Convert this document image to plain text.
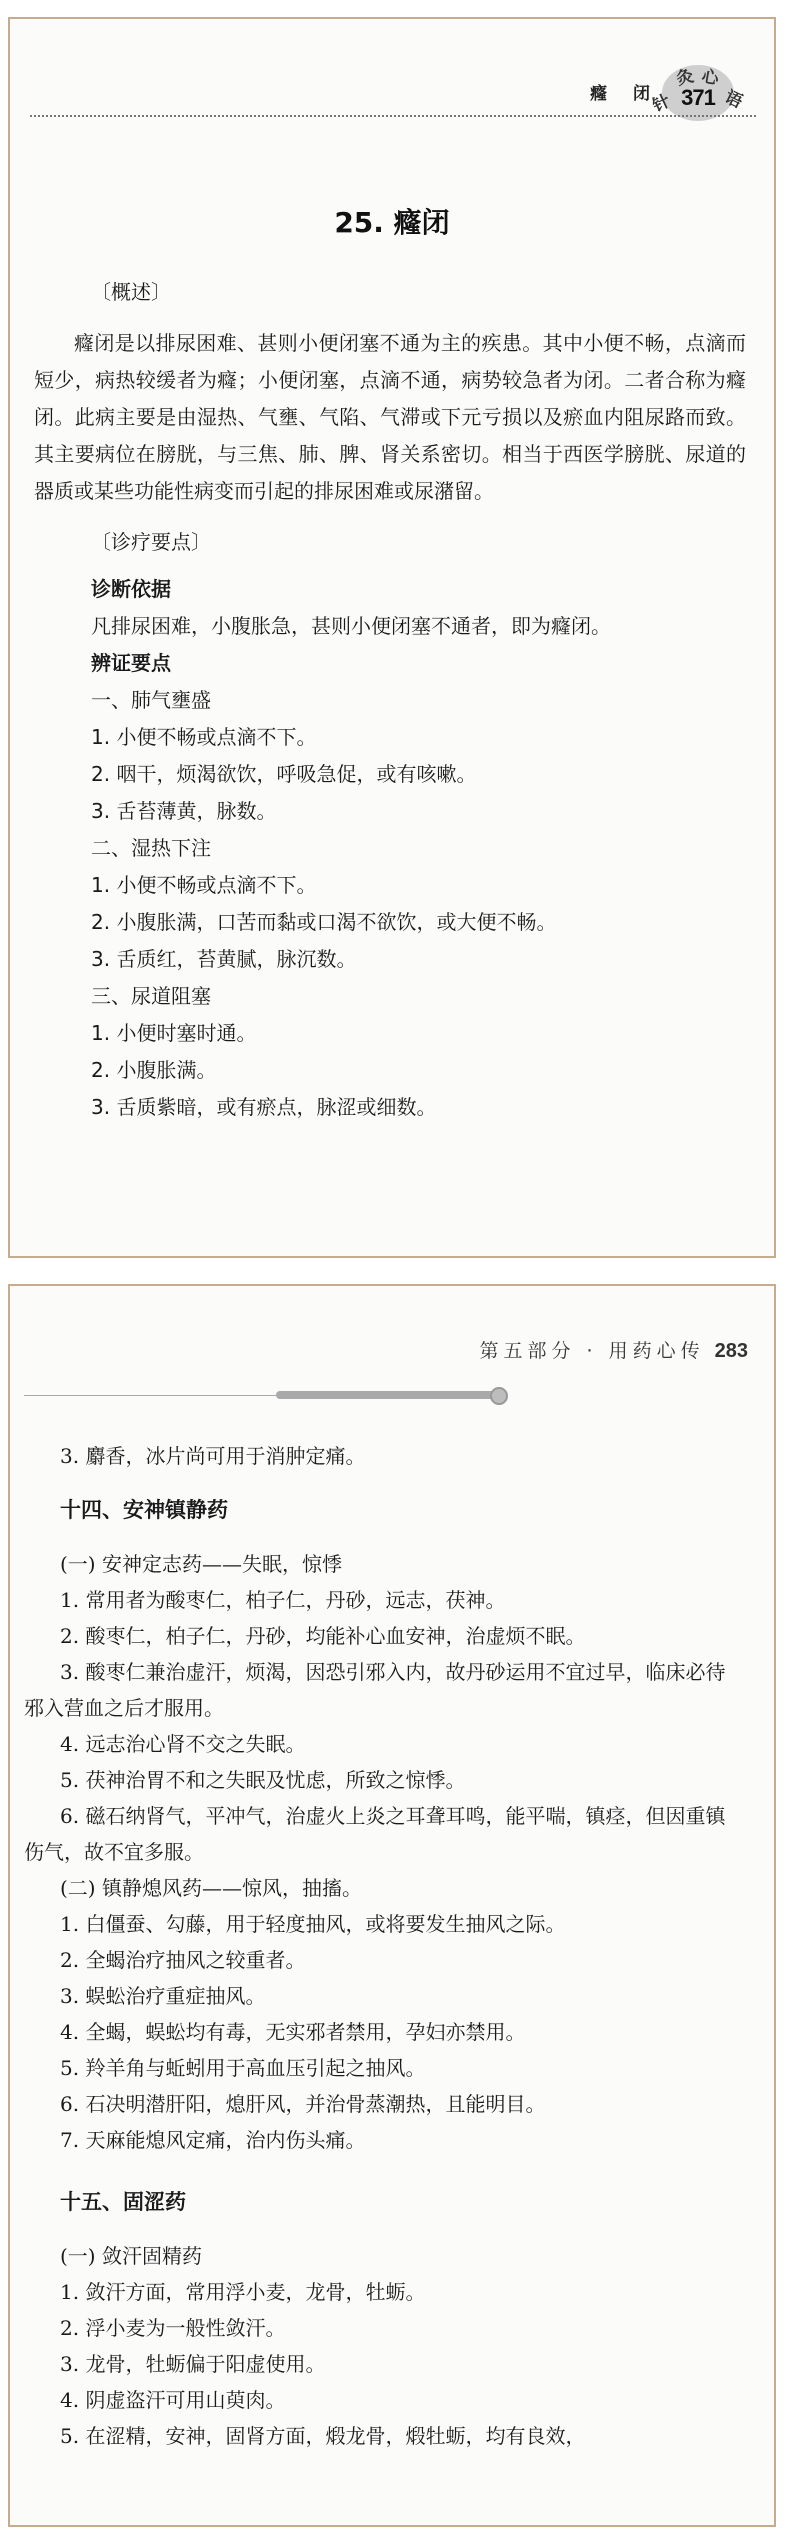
癃 闭
针
灸 心
语
371
25. 癃闭

〔概述〕

癃闭是以排尿困难、甚则小便闭塞不通为主的疾患。其中小便不畅，点滴而短少，病热较缓者为癃；小便闭塞，点滴不通，病势较急者为闭。二者合称为癃闭。此病主要是由湿热、气壅、气陷、气滞或下元亏损以及瘀血内阻尿路而致。其主要病位在膀胱，与三焦、肺、脾、肾关系密切。相当于西医学膀胱、尿道的器质或某些功能性病变而引起的排尿困难或尿潴留。

〔诊疗要点〕

诊断依据

凡排尿困难，小腹胀急，甚则小便闭塞不通者，即为癃闭。

辨证要点

一、肺气壅盛

1. 小便不畅或点滴不下。

2. 咽干，烦渴欲饮，呼吸急促，或有咳嗽。

3. 舌苔薄黄，脉数。

二、湿热下注

1. 小便不畅或点滴不下。

2. 小腹胀满，口苦而黏或口渴不欲饮，或大便不畅。

3. 舌质红，苔黄腻，脉沉数。

三、尿道阻塞

1. 小便时塞时通。

2. 小腹胀满。

3. 舌质紫暗，或有瘀点，脉涩或细数。

第五部分 · 用药心传 283

3. 麝香，冰片尚可用于消肿定痛。

十四、安神镇静药

(一) 安神定志药——失眠，惊悸

1. 常用者为酸枣仁，柏子仁，丹砂，远志，茯神。

2. 酸枣仁，柏子仁，丹砂，均能补心血安神，治虚烦不眠。

3. 酸枣仁兼治虚汗，烦渴，因恐引邪入内，故丹砂运用不宜过早，临床必待邪入营血之后才服用。

4. 远志治心肾不交之失眠。

5. 茯神治胃不和之失眠及忧虑，所致之惊悸。

6. 磁石纳肾气，平冲气，治虚火上炎之耳聋耳鸣，能平喘，镇痉，但因重镇伤气，故不宜多服。

(二) 镇静熄风药——惊风，抽搐。

1. 白僵蚕、勾藤，用于轻度抽风，或将要发生抽风之际。

2. 全蝎治疗抽风之较重者。

3. 蜈蚣治疗重症抽风。

4. 全蝎，蜈蚣均有毒，无实邪者禁用，孕妇亦禁用。

5. 羚羊角与蚯蚓用于高血压引起之抽风。

6. 石决明潜肝阳，熄肝风，并治骨蒸潮热，且能明目。

7. 天麻能熄风定痛，治内伤头痛。

十五、固涩药

(一) 敛汗固精药

1. 敛汗方面，常用浮小麦，龙骨，牡蛎。

2. 浮小麦为一般性敛汗。

3. 龙骨，牡蛎偏于阳虚使用。

4. 阴虚盗汗可用山萸肉。

5. 在涩精，安神，固肾方面，煅龙骨，煅牡蛎，均有良效，
